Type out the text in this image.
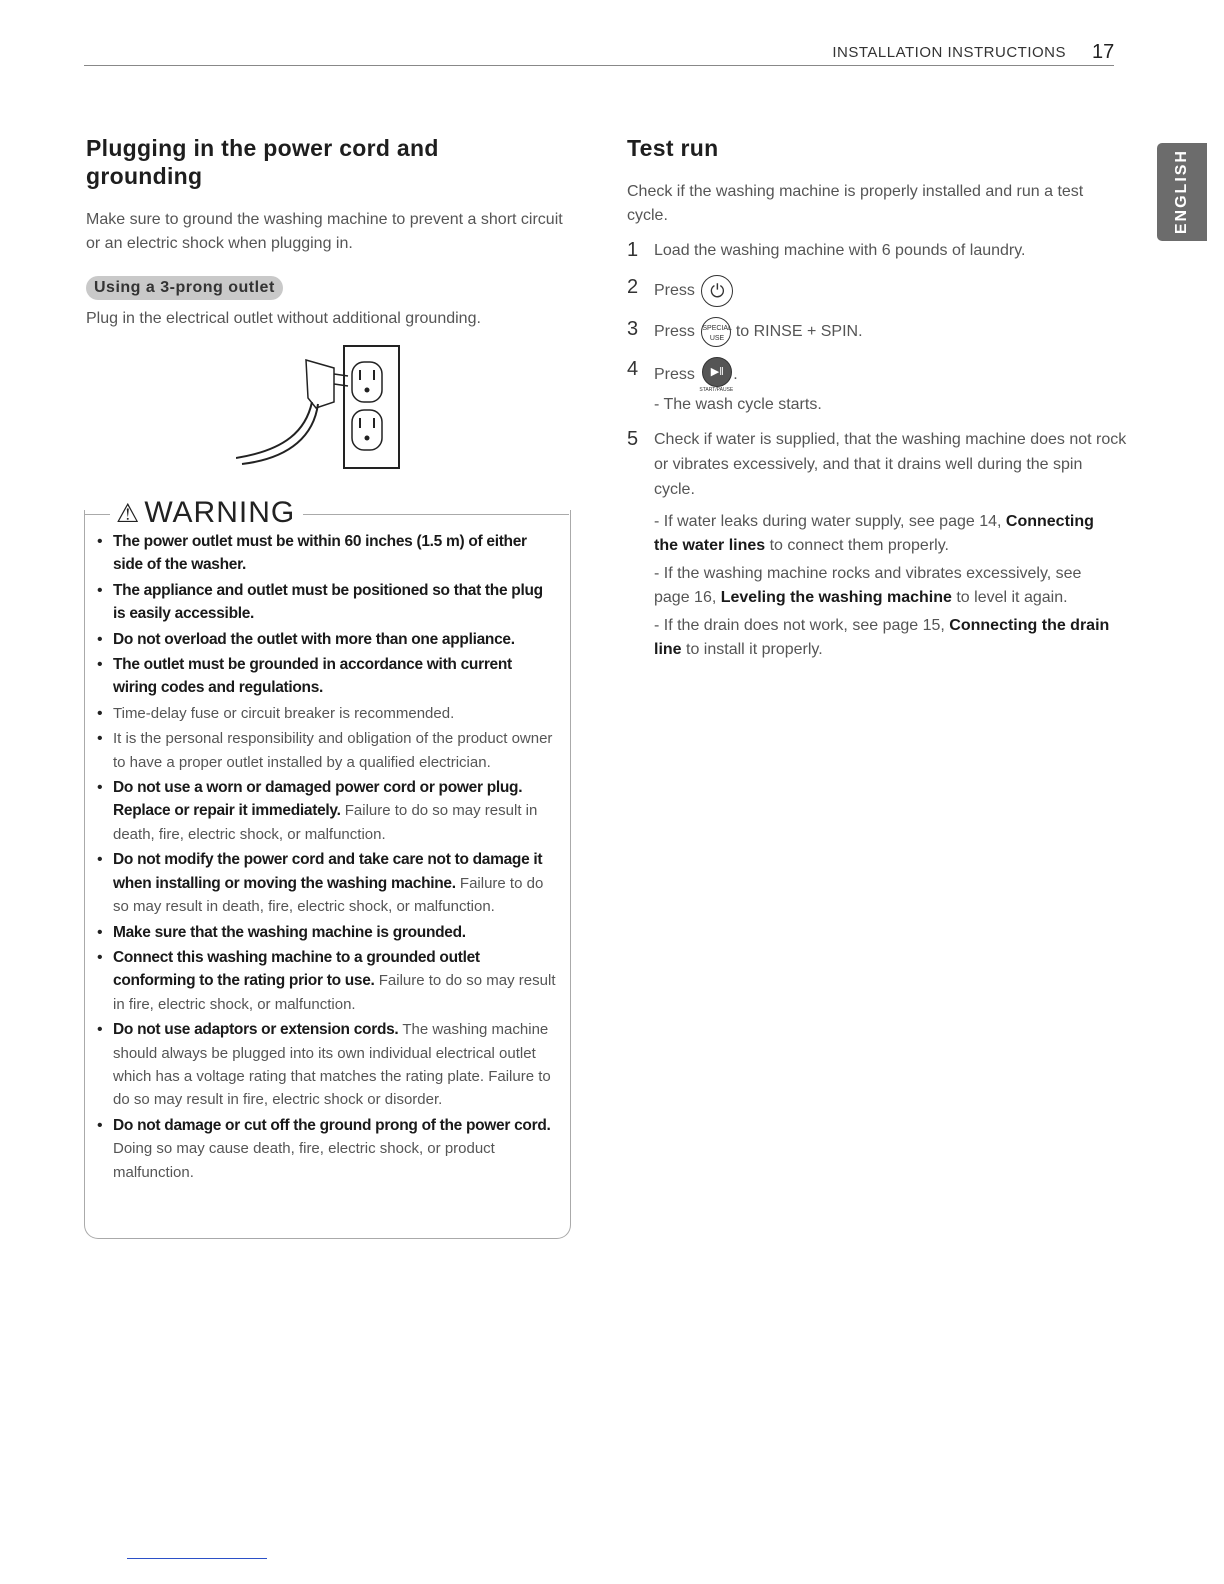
INSTALLATION INSTRUCTIONS 17
ENGLISH
Plugging in the power cord and grounding

Make sure to ground the washing machine to prevent a short circuit or an electric shock when plugging in.

Using a 3-prong outlet

Plug in the electrical outlet without additional grounding.

⚠ WARNING
• The power outlet must be within 60 inches (1.5 m) of either side of the washer.
• The appliance and outlet must be positioned so that the plug is easily accessible.
• Do not overload the outlet with more than one appliance.
• The outlet must be grounded in accordance with current wiring codes and regulations.
• Time-delay fuse or circuit breaker is recommended.
• It is the personal responsibility and obligation of the product owner to have a proper outlet installed by a qualified electrician.
• Do not use a worn or damaged power cord or power plug. Replace or repair it immediately. Failure to do so may result in death, fire, electric shock, or malfunction.
• Do not modify the power cord and take care not to damage it when installing or moving the washing machine. Failure to do so may result in death, fire, electric shock, or malfunction.
• Make sure that the washing machine is grounded.
• Connect this washing machine to a grounded outlet conforming to the rating prior to use. Failure to do so may result in fire, electric shock, or malfunction.
• Do not use adaptors or extension cords. The washing machine should always be plugged into its own individual electrical outlet which has a voltage rating that matches the rating plate. Failure to do so may result in fire, electric shock or disorder.
• Do not damage or cut off the ground prong of the power cord. Doing so may cause death, fire, electric shock, or product malfunction.
Test run

Check if the washing machine is properly installed and run a test cycle.

1 Load the washing machine with 6 pounds of laundry.
2 Press ⏻
3 Press SPECIAL USE to RINSE + SPIN.
4 Press ▶‖
START/PAUSE
.
- The wash cycle starts.
5 Check if water is supplied, that the washing machine does not rock or vibrates excessively, and that it drains well during the spin cycle.
- If water leaks during water supply, see page 14, Connecting the water lines to connect them properly.
- If the washing machine rocks and vibrates excessively, see page 16, Leveling the washing machine to level it again.
- If the drain does not work, see page 15, Connecting the drain line to install it properly.
